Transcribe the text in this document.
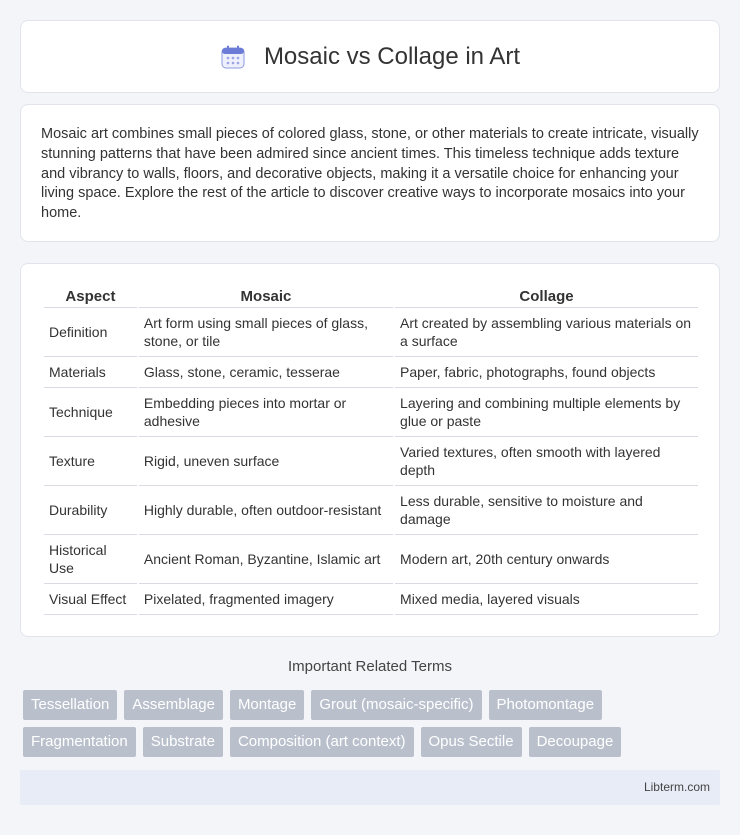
Mosaic vs Collage in Art

Mosaic art combines small pieces of colored glass, stone, or other materials to create intricate, visually stunning patterns that have been admired since ancient times. This timeless technique adds texture and vibrancy to walls, floors, and decorative objects, making it a versatile choice for enhancing your living space. Explore the rest of the article to discover creative ways to incorporate mosaics into your home.

Aspect	Mosaic	Collage
Definition	Art form using small pieces of glass, stone, or tile	Art created by assembling various materials on a surface
Materials	Glass, stone, ceramic, tesserae	Paper, fabric, photographs, found objects
Technique	Embedding pieces into mortar or adhesive	Layering and combining multiple elements by glue or paste
Texture	Rigid, uneven surface	Varied textures, often smooth with layered depth
Durability	Highly durable, often outdoor-resistant	Less durable, sensitive to moisture and damage
Historical Use	Ancient Roman, Byzantine, Islamic art	Modern art, 20th century onwards
Visual Effect	Pixelated, fragmented imagery	Mixed media, layered visuals
Important Related Terms
Tessellation	Assemblage	Montage	Grout (mosaic-specific)	Photomontage
Fragmentation	Substrate	Composition (art context)	Opus Sectile	Decoupage
Libterm.com
